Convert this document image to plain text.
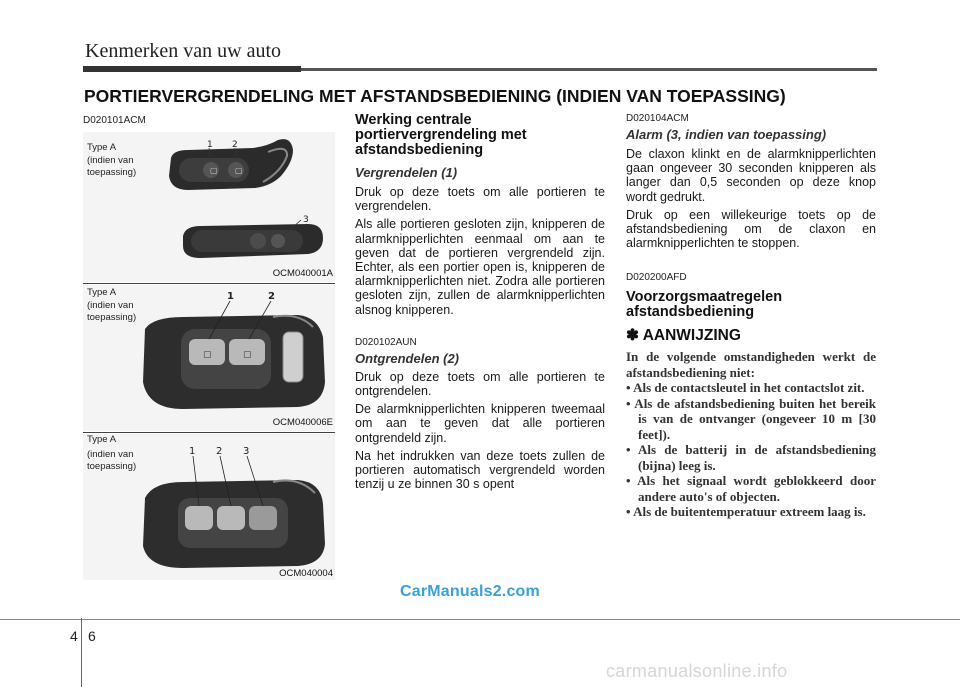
Kenmerken van uw auto
PORTIERVERGRENDELING MET AFSTANDSBEDIENING (INDIEN VAN TOEPASSING)
D020101ACM
Type A
(indien van
toepassing)	▢ ▢
1 2
3
OCM040001A
Type A
(indien van
toepassing)
▢	▢
1	2
OCM040006E
Type A
(indien van
toepassing)
1 2 3
OCM040004
Werking centrale portiervergrendeling met afstandsbediening
Vergrendelen (1)

Druk op deze toets om alle portieren te vergrendelen.

Als alle portieren gesloten zijn, knipperen de alarmknipperlichten eenmaal om aan te geven dat de portieren vergrendeld zijn. Echter, als een portier open is, knipperen de alarmknipperlichten niet. Zodra alle portieren gesloten zijn, zullen de alarmknipperlichten alsnog knipperen.

D020102AUN
Ontgrendelen (2)

Druk op deze toets om alle portieren te ontgrendelen.

De alarmknipperlichten knipperen tweemaal om aan te geven dat alle portieren ontgrendeld zijn.

Na het indrukken van deze toets zullen de portieren automatisch vergrendeld worden tenzij u ze binnen 30 s opent

D020104ACM
Alarm (3, indien van toepassing)

De claxon klinkt en de alarmknipperlichten gaan ongeveer 30 seconden knipperen als langer dan 0,5 seconden op deze knop wordt gedrukt.

Druk op een willekeurige toets op de afstandsbediening om de claxon en alarmknipperlichten te stoppen.

D020200AFD
Voorzorgsmaatregelen afstandsbediening
✽ AANWIJZING
In de volgende omstandigheden werkt de afstandsbediening niet:
• Als de contactsleutel in het contactslot zit.
• Als de afstandsbediening buiten het bereik is van de ontvanger (ongeveer 10 m [30 feet]).
• Als de batterij in de afstandsbediening (bijna) leeg is.
• Als het signaal wordt geblokkeerd door andere auto's of objecten.
• Als de buitentemperatuur extreem laag is.
CarManuals2.com
4 6
carmanualsonline.info
